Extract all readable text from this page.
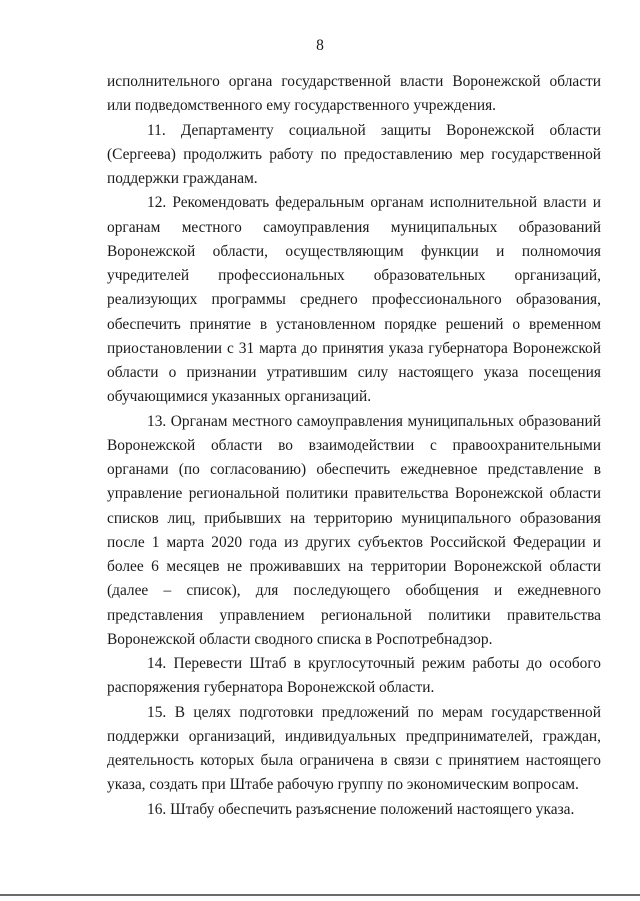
8

исполнительного органа государственной власти Воронежской области или подведомственного ему государственного учреждения.

11. Департаменту социальной защиты Воронежской области (Сергеева) продолжить работу по предоставлению мер государственной поддержки гражданам.

12. Рекомендовать федеральным органам исполнительной власти и органам местного самоуправления муниципальных образований Воронежской области, осуществляющим функции и полномочия учредителей профессиональных образовательных организаций, реализующих программы среднего профессионального образования, обеспечить принятие в установленном порядке решений о временном приостановлении с 31 марта до принятия указа губернатора Воронежской области о признании утратившим силу настоящего указа посещения обучающимися указанных организаций.

13. Органам местного самоуправления муниципальных образований Воронежской области во взаимодействии с правоохранительными органами (по согласованию) обеспечить ежедневное представление в управление региональной политики правительства Воронежской области списков лиц, прибывших на территорию муниципального образования после 1 марта 2020 года из других субъектов Российской Федерации и более 6 месяцев не проживавших на территории Воронежской области (далее – список), для последующего обобщения и ежедневного представления управлением региональной политики правительства Воронежской области сводного списка в Роспотребнадзор.

14. Перевести Штаб в круглосуточный режим работы до особого распоряжения губернатора Воронежской области.

15. В целях подготовки предложений по мерам государственной поддержки организаций, индивидуальных предпринимателей, граждан, деятельность которых была ограничена в связи с принятием настоящего указа, создать при Штабе рабочую группу по экономическим вопросам.

16. Штабу обеспечить разъяснение положений настоящего указа.
